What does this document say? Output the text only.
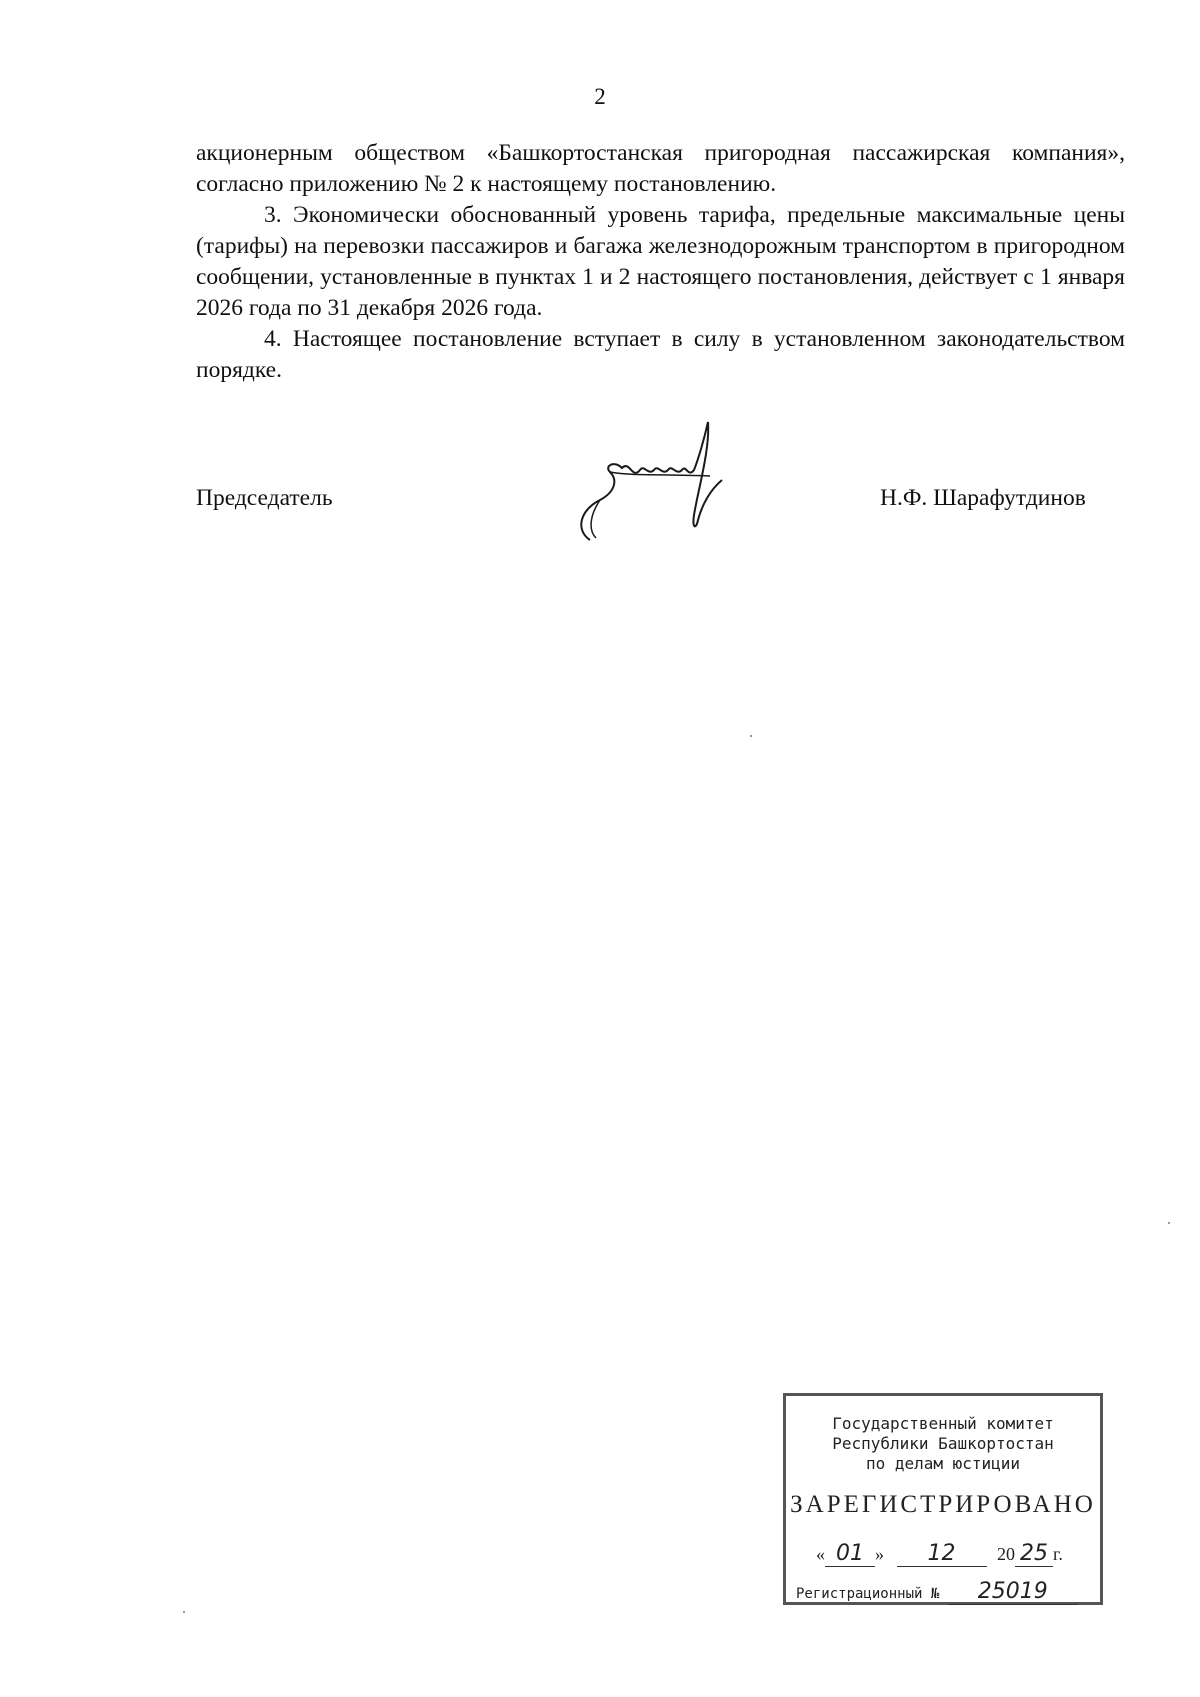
2

акционерным обществом «Башкортостанская пригородная пассажирская компания», согласно приложению № 2 к настоящему постановлению.

3. Экономически обоснованный уровень тарифа, предельные максимальные цены (тарифы) на перевозки пассажиров и багажа железнодорожным транспортом в пригородном сообщении, установленные в пунктах 1 и 2 настоящего постановления, действует с 1 января 2026 года по 31 декабря 2026 года.

4. Настоящее постановление вступает в силу в установленном законодательством порядке.

Председатель	Н.Ф. Шарафутдинов
Государственный комитет
Республики Башкортостан
по делам юстиции
ЗАРЕГИСТРИРОВАНО
« 01 » 12 20 25 г.
Регистрационный № 25019
